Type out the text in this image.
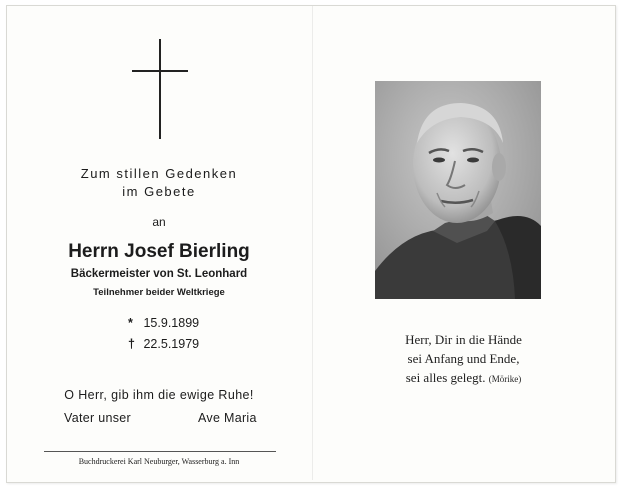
Zum stillen Gedenken
im Gebete
an
Herrn Josef Bierling
Bäckermeister von St. Leonhard
Teilnehmer beider Weltkriege
* 15.9.1899
† 22.5.1979
O Herr, gib ihm die ewige Ruhe!
Vater unser	Ave Maria
Buchdruckerei Karl Neuburger, Wasserburg a. Inn
Herr, Dir in die Hände
sei Anfang und Ende,
sei alles gelegt. (Mörike)
